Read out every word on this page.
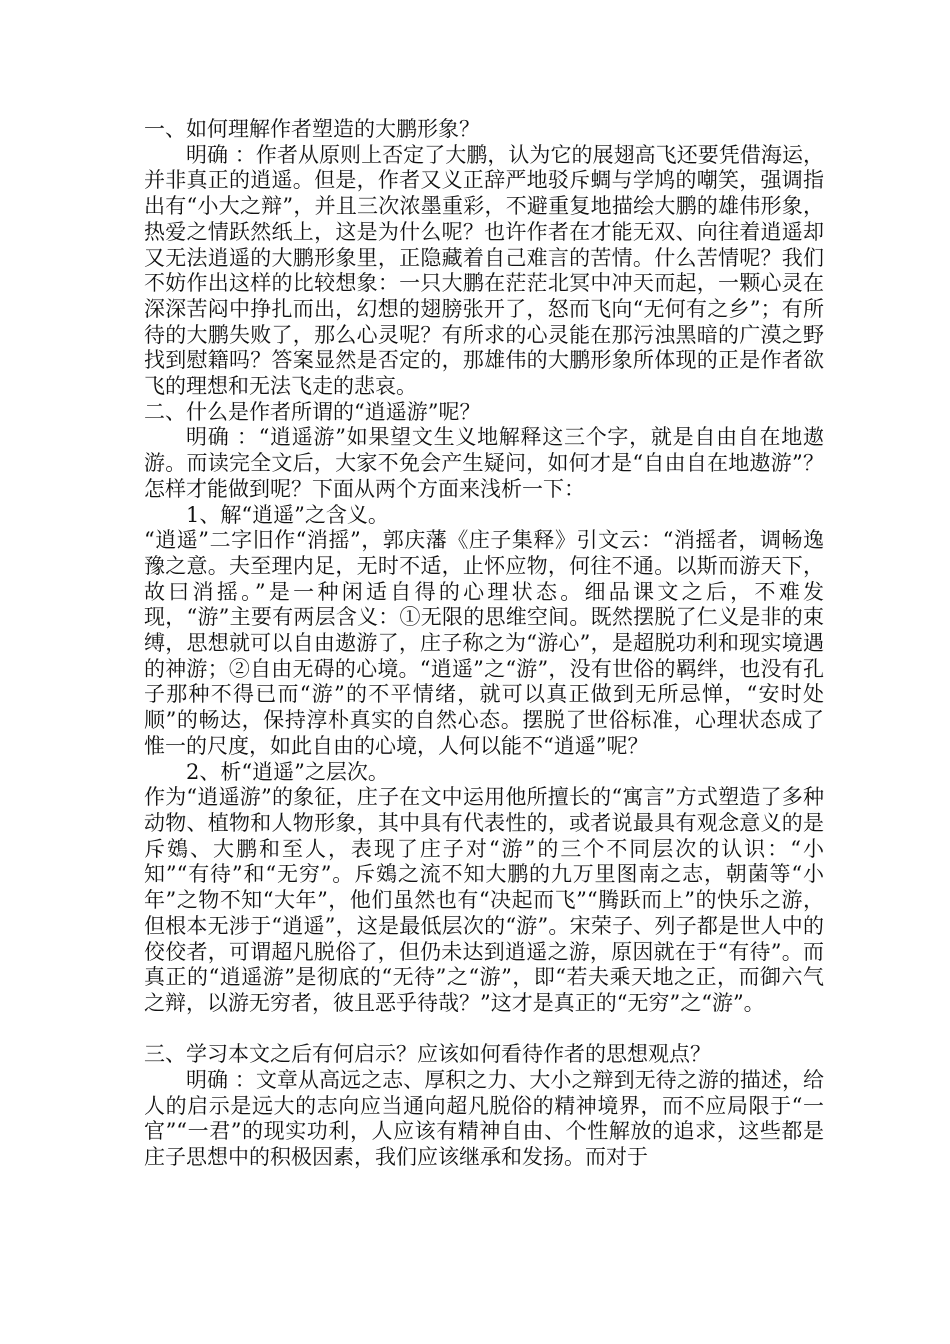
一、如何理解作者塑造的大鹏形象？

明确 ：作者从原则上否定了大鹏，认为它的展翅高飞还要凭借海运，并非真正的逍遥。但是，作者又义正辞严地驳斥蜩与学鸠的嘲笑，强调指出有“小大之辩”，并且三次浓墨重彩，不避重复地描绘大鹏的雄伟形象，热爱之情跃然纸上，这是为什么呢？也许作者在才能无双、向往着逍遥却又无法逍遥的大鹏形象里，正隐藏着自己难言的苦情。什么苦情呢？我们不妨作出这样的比较想象：一只大鹏在茫茫北冥中冲天而起，一颗心灵在深深苦闷中挣扎而出，幻想的翅膀张开了，怒而飞向“无何有之乡”；有所待的大鹏失败了，那么心灵呢？有所求的心灵能在那污浊黑暗的广漠之野找到慰籍吗？答案显然是否定的，那雄伟的大鹏形象所体现的正是作者欲飞的理想和无法飞走的悲哀。

二、什么是作者所谓的“逍遥游”呢？

明确 ：“逍遥游”如果望文生义地解释这三个字，就是自由自在地遨游。而读完全文后，大家不免会产生疑问，如何才是“自由自在地遨游”？怎样才能做到呢？下面从两个方面来浅析一下：

1、解“逍遥”之含义。

“逍遥”二字旧作“消摇”，郭庆藩《庄子集释》引文云：“消摇者，调畅逸豫之意。夫至理内足，无时不适，止怀应物，何往不通。以斯而游天下，故曰消摇。”是一种闲适自得的心理状态。细品课文之后，不难发现，“游”主要有两层含义：①无限的思维空间。既然摆脱了仁义是非的束缚，思想就可以自由遨游了，庄子称之为“游心”，是超脱功利和现实境遇的神游；②自由无碍的心境。“逍遥”之“游”，没有世俗的羁绊，也没有孔子那种不得已而“游”的不平情绪，就可以真正做到无所忌惮，“安时处顺”的畅达，保持淳朴真实的自然心态。摆脱了世俗标准，心理状态成了惟一的尺度，如此自由的心境，人何以能不“逍遥”呢？

2、析“逍遥”之层次。

作为“逍遥游”的象征，庄子在文中运用他所擅长的“寓言”方式塑造了多种动物、植物和人物形象，其中具有代表性的，或者说最具有观念意义的是斥鴳、大鹏和至人，表现了庄子对“游”的三个不同层次的认识：“小知”“有待”和“无穷”。斥鴳之流不知大鹏的九万里图南之志，朝菌等“小年”之物不知“大年”，他们虽然也有“决起而飞”“腾跃而上”的快乐之游，但根本无涉于“逍遥”，这是最低层次的“游”。宋荣子、列子都是世人中的佼佼者，可谓超凡脱俗了，但仍未达到逍遥之游，原因就在于“有待”。而真正的“逍遥游”是彻底的“无待”之“游”，即“若夫乘天地之正，而御六气之辩，以游无穷者，彼且恶乎待哉？”这才是真正的“无穷”之“游”。

三、学习本文之后有何启示？应该如何看待作者的思想观点？

明确 ：文章从高远之志、厚积之力、大小之辩到无待之游的描述，给人的启示是远大的志向应当通向超凡脱俗的精神境界，而不应局限于“一官”“一君”的现实功利，人应该有精神自由、个性解放的追求，这些都是庄子思想中的积极因素，我们应该继承和发扬。而对于
